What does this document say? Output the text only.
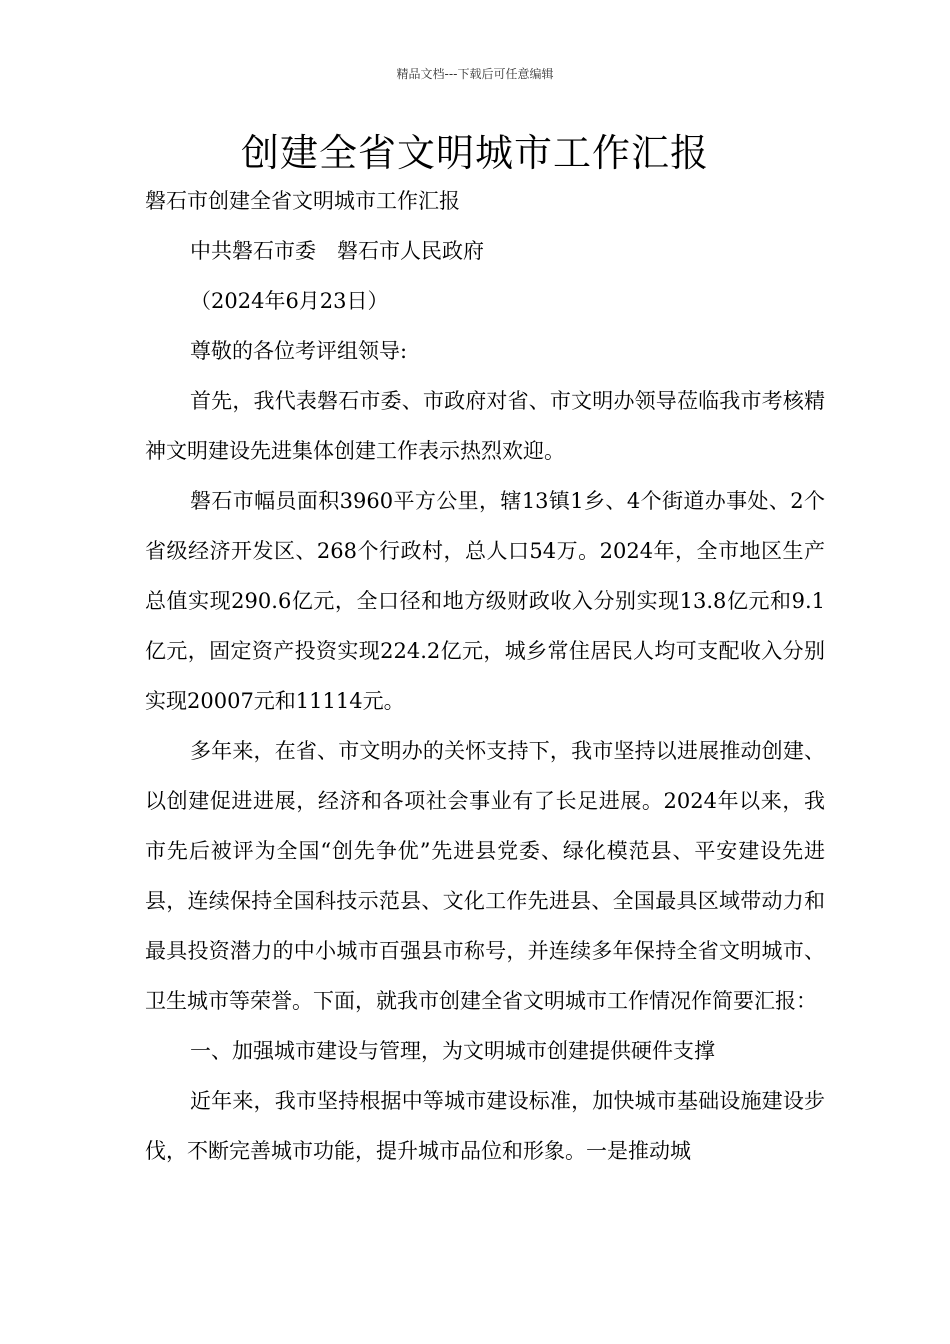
精品文档---下载后可任意编辑
创建全省文明城市工作汇报

磐石市创建全省文明城市工作汇报

中共磐石市委　磐石市人民政府

（2024年6月23日）

尊敬的各位考评组领导:

首先，我代表磐石市委、市政府对省、市文明办领导莅临我市考核精神文明建设先进集体创建工作表示热烈欢迎。

磐石市幅员面积3960平方公里，辖13镇1乡、4个街道办事处、2个省级经济开发区、268个行政村，总人口54万。2024年，全市地区生产总值实现290.6亿元，全口径和地方级财政收入分别实现13.8亿元和9.1亿元，固定资产投资实现224.2亿元，城乡常住居民人均可支配收入分别实现20007元和11114元。

多年来，在省、市文明办的关怀支持下，我市坚持以进展推动创建、以创建促进进展，经济和各项社会事业有了长足进展。2024年以来，我市先后被评为全国“创先争优”先进县党委、绿化模范县、平安建设先进县，连续保持全国科技示范县、文化工作先进县、全国最具区域带动力和最具投资潜力的中小城市百强县市称号，并连续多年保持全省文明城市、卫生城市等荣誉。下面，就我市创建全省文明城市工作情况作简要汇报：

一、加强城市建设与管理，为文明城市创建提供硬件支撑

近年来，我市坚持根据中等城市建设标准，加快城市基础设施建设步伐，不断完善城市功能，提升城市品位和形象。一是推动城
